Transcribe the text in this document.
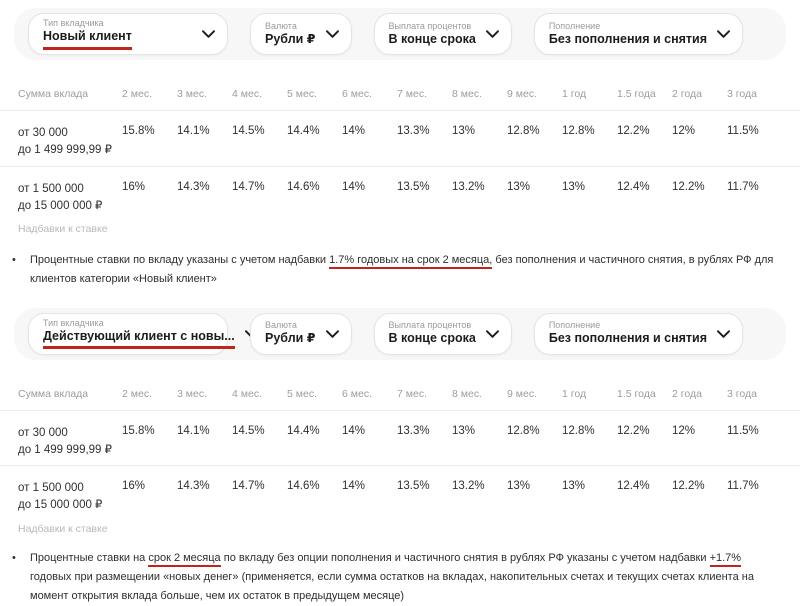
Тип вкладчика
Новый клиент
Валюта
Рубли ₽
Выплата процентов
В конце срока
Пополнение
Без пополнения и снятия
Сумма вклада	2 мес.	3 мес.	4 мес.	5 мес.	6 мес.	7 мес.	8 мес.	9 мес.	1 год	1.5 года	2 года	3 года
от 30 000
до 1 499 999,99 ₽
15.8%	14.1%	14.5%	14.4%	14%	13.3%	13%	12.8%	12.8%	12.2%	12%	11.5%
от 1 500 000
до 15 000 000 ₽
16%	14.3%	14.7%	14.6%	14%	13.5%	13.2%	13%	13%	12.4%	12.2%	11.7%
Надбавки к ставке
• Процентные ставки по вкладу указаны с учетом надбавки 1.7% годовых на срок 2 месяца, без пополнения и частичного снятия, в рублях РФ для клиентов категории «Новый клиент»
Тип вкладчика
Действующий клиент с новы...
Валюта
Рубли ₽
Выплата процентов
В конце срока
Пополнение
Без пополнения и снятия
Сумма вклада	2 мес.	3 мес.	4 мес.	5 мес.	6 мес.	7 мес.	8 мес.	9 мес.	1 год	1.5 года	2 года	3 года
от 30 000
до 1 499 999,99 ₽
15.8%	14.1%	14.5%	14.4%	14%	13.3%	13%	12.8%	12.8%	12.2%	12%	11.5%
от 1 500 000
до 15 000 000 ₽
16%	14.3%	14.7%	14.6%	14%	13.5%	13.2%	13%	13%	12.4%	12.2%	11.7%
Надбавки к ставке
• Процентные ставки на срок 2 месяца по вкладу без опции пополнения и частичного снятия в рублях РФ указаны с учетом надбавки +1.7% годовых при размещении «новых денег» (применяется, если сумма остатков на вкладах, накопительных счетах и текущих счетах клиента на момент открытия вклада больше, чем их остаток в предыдущем месяце)
